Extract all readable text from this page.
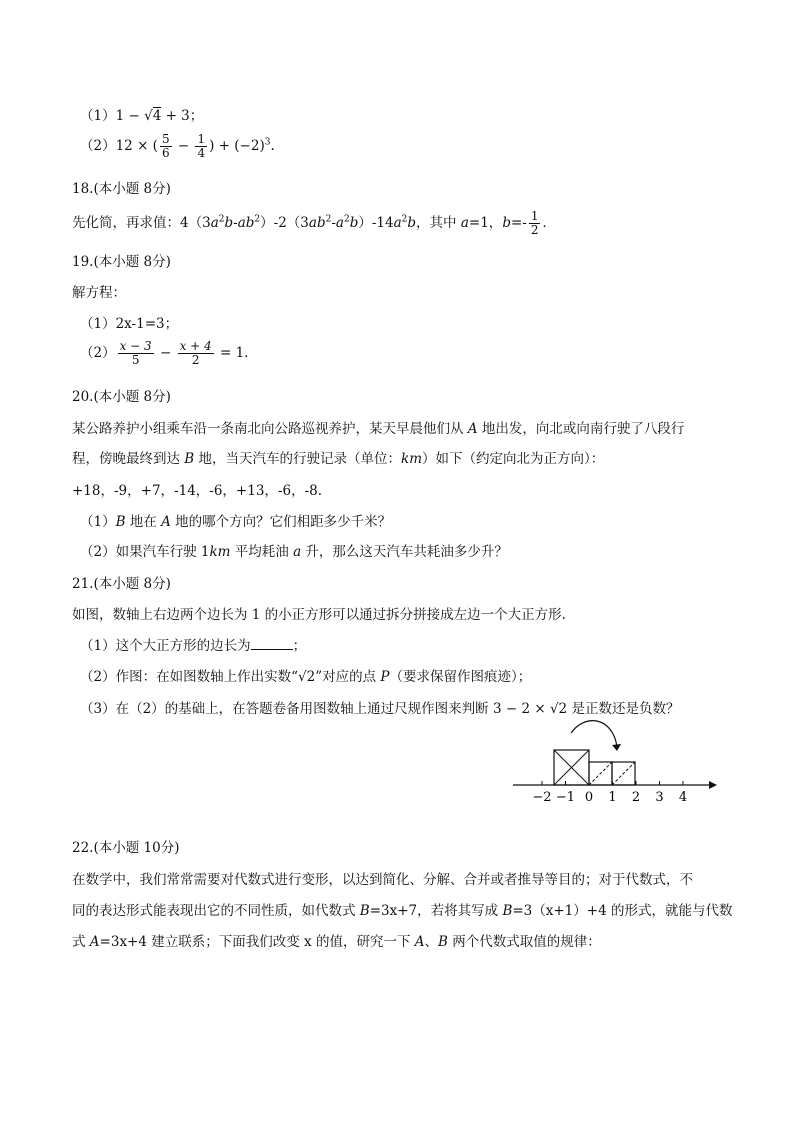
（1）1 − √4 + 3；
（2）12 × ( $\frac{5}{6} - \frac{1}{4}$ ) + $(-2)^3$.
18.(本小题 8分)
先化简，再求值：$4(3a^2b-ab^2)-2(3ab^2-a^2b)-14a^2b$，其中 a=1，$b=- \frac{1}{2}$ ．
19.(本小题 8分)
解方程：
（1）2x-1=3；
$(2) \frac{x - 3}{5} - \frac{x + 4}{2} = 1$.
20.(本小题 8分)
某公路养护小组乘车沿一条南北向公路巡视养护，某天早晨他们从 A 地出发，向北或向南行驶了八段行
程，傍晚最终到达 B 地，当天汽车的行驶记录（单位：km）如下（约定向北为正方向）：
+18，-9，+7，-14，-6，+13，-6，-8.
（1）B 地在 A 地的哪个方向？它们相距多少千米？
（2）如果汽车行驶 1km 平均耗油 a 升，那么这天汽车共耗油多少升？
21.(本小题 8分)
如图，数轴上右边两个边长为 1 的小正方形可以通过拆分拼接成左边一个大正方形.
（1）这个大正方形的边长为	；
（2）作图：在如图数轴上作出实数“√2”对应的点 P（要求保留作图痕迹）；
（3）在（2）的基础上，在答题卷备用图数轴上通过尺规作图来判断 3 − 2 × √2 是正数还是负数？
−2 −1 0 1 2 3 4
22.(本小题 10分)
在数学中，我们常常需要对代数式进行变形，以达到简化、分解、合并或者推导等目的；对于代数式，不
同的表达形式能表现出它的不同性质，如代数式 B=3x+7，若将其写成 B=3（x+1）+4 的形式，就能与代数
式 A=3x+4 建立联系；下面我们改变 x 的值，研究一下 A、B 两个代数式取值的规律：
